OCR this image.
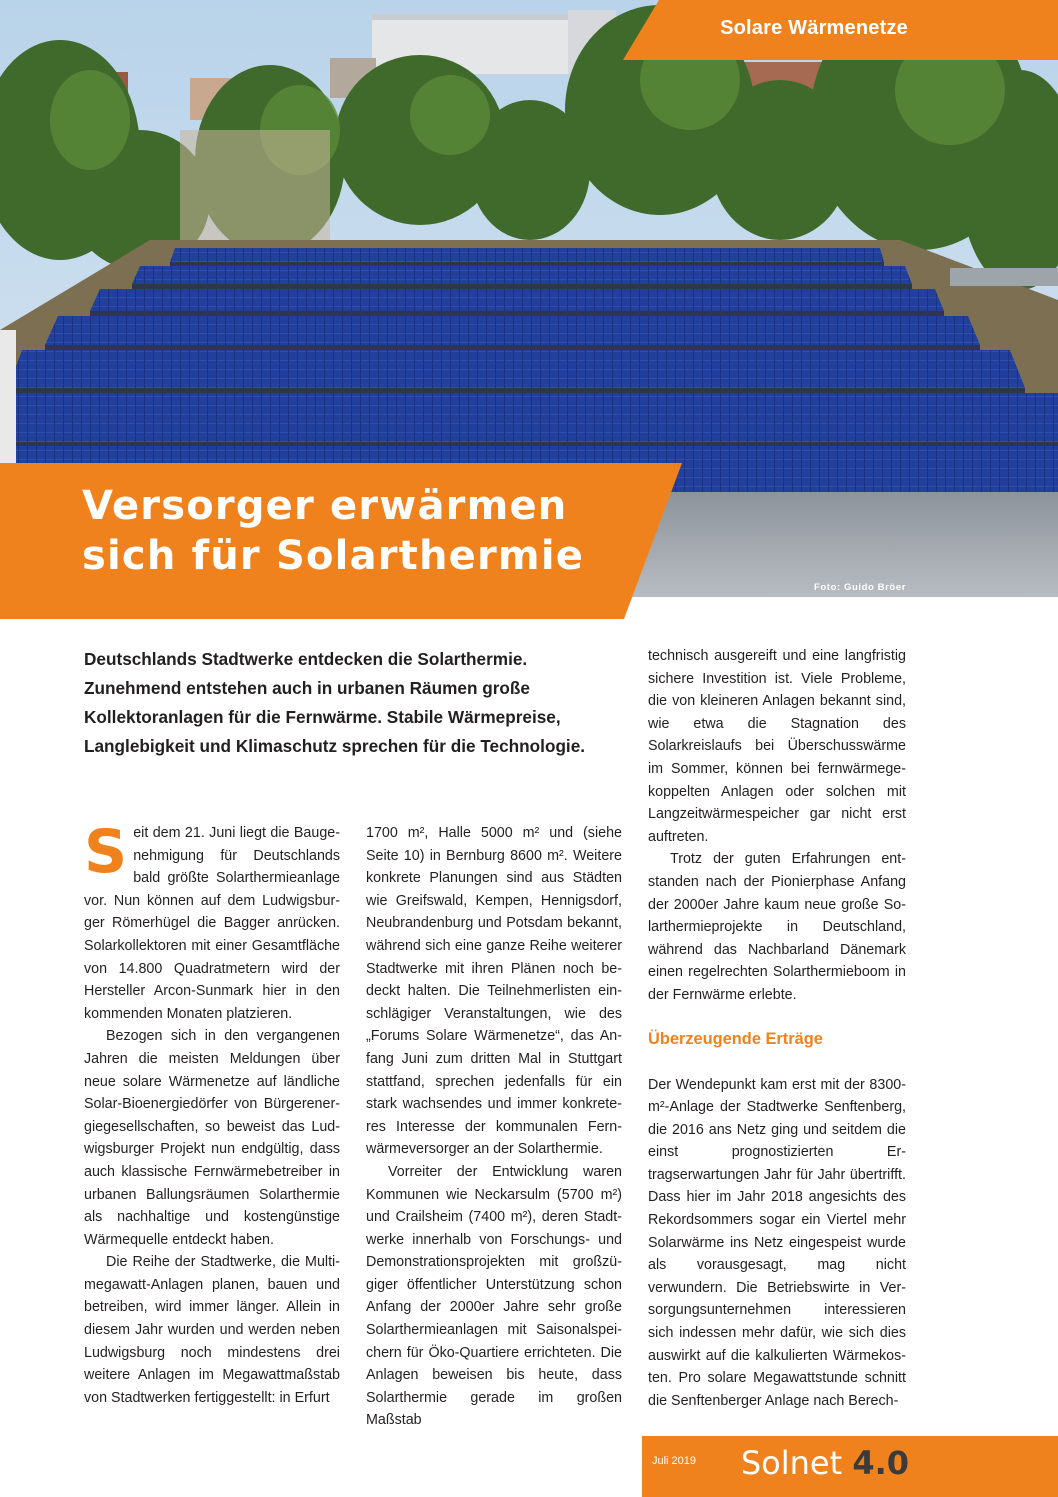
Solare Wärmenetze
Versorger erwärmen
sich für Solarthermie
Foto: Guido Bröer

Deutschlands Stadtwerke entdecken die Solarthermie. Zunehmend entstehen auch in urbanen Räumen große Kollektoranlagen für die Fernwärme. Stabile Wärmepreise, Langlebigkeit und Klimaschutz sprechen für die Technologie.

Seit dem 21. Juni liegt die Baugenehmigung für Deutschlands bald größte Solarthermieanlage vor. Nun können auf dem Ludwigsburger Römerhügel die Bagger anrücken. Solarkollektoren mit einer Gesamtfläche von 14.800 Quadratmetern wird der Hersteller Arcon-Sunmark hier in den kommenden Monaten platzieren.

Bezogen sich in den vergangenen Jahren die meisten Meldungen über neue solare Wärmenetze auf ländliche Solar-Bioenergiedörfer von Bürgerenergiegesellschaften, so beweist das Ludwigsburger Projekt nun endgültig, dass auch klassische Fernwärmebetreiber in urbanen Ballungsräumen Solarthermie als nachhaltige und kostengünstige Wärmequelle entdeckt haben.

Die Reihe der Stadtwerke, die Multimegawatt-Anlagen planen, bauen und betreiben, wird immer länger. Allein in diesem Jahr wurden und werden neben Ludwigsburg noch mindestens drei weitere Anlagen im Megawattmaßstab von Stadtwerken fertiggestellt: in Erfurt

1700 m², Halle 5000 m² und (siehe Seite 10) in Bernburg 8600 m². Weitere konkrete Planungen sind aus Städten wie Greifswald, Kempen, Hennigsdorf, Neubrandenburg und Potsdam bekannt, während sich eine ganze Reihe weiterer Stadtwerke mit ihren Plänen noch bedeckt halten. Die Teilnehmerlisten einschlägiger Veranstaltungen, wie des „Forums Solare Wärmenetze“, das Anfang Juni zum dritten Mal in Stuttgart stattfand, sprechen jedenfalls für ein stark wachsendes und immer konkreteres Interesse der kommunalen Fernwärmeversorger an der Solarthermie.

Vorreiter der Entwicklung waren Kommunen wie Neckarsulm (5700 m²) und Crailsheim (7400 m²), deren Stadtwerke innerhalb von Forschungs- und Demonstrationsprojekten mit großzügiger öffentlicher Unterstützung schon Anfang der 2000er Jahre sehr große Solarthermieanlagen mit Saisonalspeichern für Öko-Quartiere errichteten. Die Anlagen beweisen bis heute, dass Solarthermie gerade im großen Maßstab

technisch ausgereift und eine langfristig sichere Investition ist. Viele Probleme, die von kleineren Anlagen bekannt sind, wie etwa die Stagnation des Solarkreislaufs bei Überschusswärme im Sommer, können bei fernwärmegekoppelten Anlagen oder solchen mit Langzeitwärmespeicher gar nicht erst auftreten.

Trotz der guten Erfahrungen entstanden nach der Pionierphase Anfang der 2000er Jahre kaum neue große Solarthermieprojekte in Deutschland, während das Nachbarland Dänemark einen regelrechten Solarthermieboom in der Fernwärme erlebte.

Überzeugende Erträge

Der Wendepunkt kam erst mit der 8300-m²-Anlage der Stadtwerke Senftenberg, die 2016 ans Netz ging und seitdem die einst prognostizierten Ertragserwartungen Jahr für Jahr übertrifft. Dass hier im Jahr 2018 angesichts des Rekordsommers sogar ein Viertel mehr Solarwärme ins Netz eingespeist wurde als vorausgesagt, mag nicht verwundern. Die Betriebswirte in Versorgungsunternehmen interessieren sich indessen mehr dafür, wie sich dies auswirkt auf die kalkulierten Wärmekosten. Pro solare Megawattstunde schnitt die Senftenberger Anlage nach Berech-

Juli 2019 Solnet 4.0
